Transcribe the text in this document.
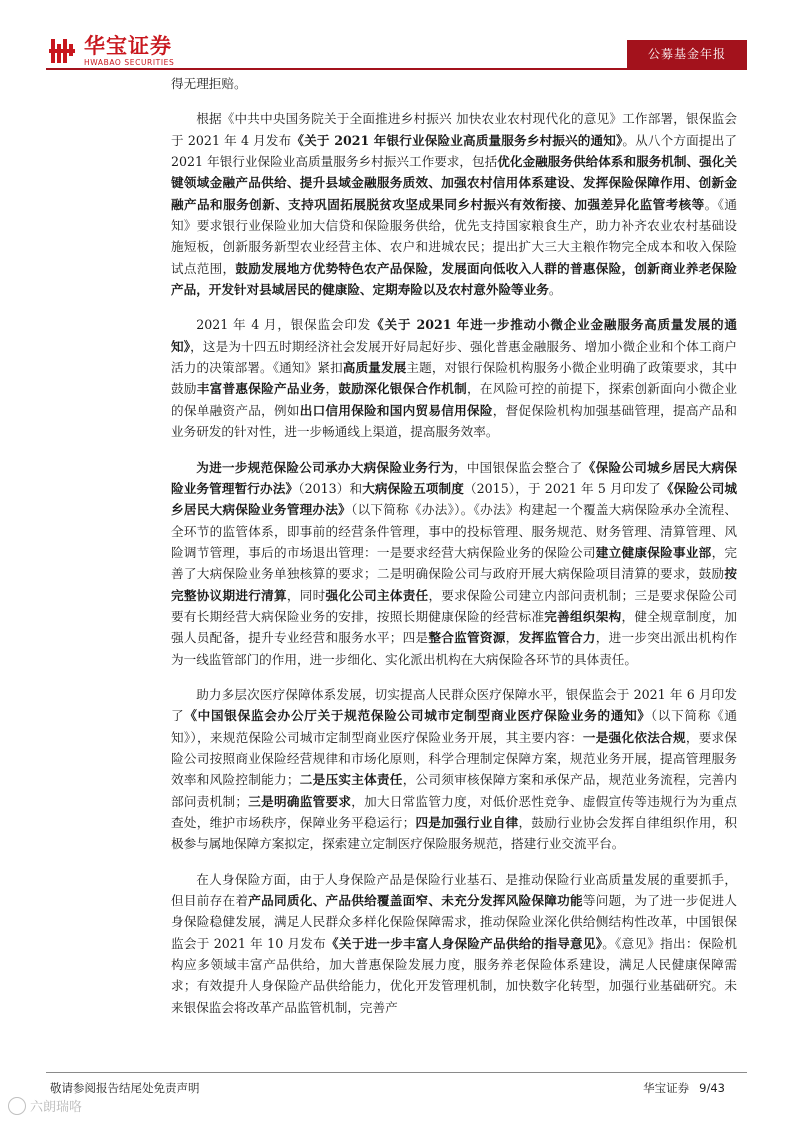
华宝证券
HWABAO SECURITIES
公募基金年报

得无理拒赔。

根据《中共中央国务院关于全面推进乡村振兴 加快农业农村现代化的意见》工作部署，银保监会于 2021 年 4 月发布《关于 2021 年银行业保险业高质量服务乡村振兴的通知》。从八个方面提出了 2021 年银行业保险业高质量服务乡村振兴工作要求，包括优化金融服务供给体系和服务机制、强化关键领域金融产品供给、提升县域金融服务质效、加强农村信用体系建设、发挥保险保障作用、创新金融产品和服务创新、支持巩固拓展脱贫攻坚成果同乡村振兴有效衔接、加强差异化监管考核等。《通知》要求银行业保险业加大信贷和保险服务供给，优先支持国家粮食生产，助力补齐农业农村基础设施短板，创新服务新型农业经营主体、农户和进城农民；提出扩大三大主粮作物完全成本和收入保险试点范围，鼓励发展地方优势特色农产品保险，发展面向低收入人群的普惠保险，创新商业养老保险产品，开发针对县域居民的健康险、定期寿险以及农村意外险等业务。

2021 年 4 月，银保监会印发《关于 2021 年进一步推动小微企业金融服务高质量发展的通知》，这是为十四五时期经济社会发展开好局起好步、强化普惠金融服务、增加小微企业和个体工商户活力的决策部署。《通知》紧扣高质量发展主题，对银行保险机构服务小微企业明确了政策要求，其中鼓励丰富普惠保险产品业务，鼓励深化银保合作机制，在风险可控的前提下，探索创新面向小微企业的保单融资产品，例如出口信用保险和国内贸易信用保险，督促保险机构加强基础管理，提高产品和业务研发的针对性，进一步畅通线上渠道，提高服务效率。

为进一步规范保险公司承办大病保险业务行为，中国银保监会整合了《保险公司城乡居民大病保险业务管理暂行办法》（2013）和大病保险五项制度（2015），于 2021 年 5 月印发了《保险公司城乡居民大病保险业务管理办法》（以下简称《办法》）。《办法》构建起一个覆盖大病保险承办全流程、全环节的监管体系，即事前的经营条件管理，事中的投标管理、服务规范、财务管理、清算管理、风险调节管理，事后的市场退出管理：一是要求经营大病保险业务的保险公司建立健康保险事业部，完善了大病保险业务单独核算的要求；二是明确保险公司与政府开展大病保险项目清算的要求，鼓励按完整协议期进行清算，同时强化公司主体责任，要求保险公司建立内部问责机制；三是要求保险公司要有长期经营大病保险业务的安排，按照长期健康保险的经营标准完善组织架构，健全规章制度，加强人员配备，提升专业经营和服务水平；四是整合监管资源，发挥监管合力，进一步突出派出机构作为一线监管部门的作用，进一步细化、实化派出机构在大病保险各环节的具体责任。

助力多层次医疗保障体系发展，切实提高人民群众医疗保障水平，银保监会于 2021 年 6 月印发了《中国银保监会办公厅关于规范保险公司城市定制型商业医疗保险业务的通知》（以下简称《通知》），来规范保险公司城市定制型商业医疗保险业务开展，其主要内容：一是强化依法合规，要求保险公司按照商业保险经营规律和市场化原则，科学合理制定保障方案，规范业务开展，提高管理服务效率和风险控制能力；二是压实主体责任，公司须审核保障方案和承保产品，规范业务流程，完善内部问责机制；三是明确监管要求，加大日常监管力度，对低价恶性竞争、虚假宣传等违规行为为重点查处，维护市场秩序，保障业务平稳运行；四是加强行业自律，鼓励行业协会发挥自律组织作用，积极参与属地保障方案拟定，探索建立定制医疗保险服务规范，搭建行业交流平台。

在人身保险方面，由于人身保险产品是保险行业基石、是推动保险行业高质量发展的重要抓手，但目前存在着产品同质化、产品供给覆盖面窄、未充分发挥风险保障功能等问题，为了进一步促进人身保险稳健发展，满足人民群众多样化保险保障需求，推动保险业深化供给侧结构性改革，中国银保监会于 2021 年 10 月发布《关于进一步丰富人身保险产品供给的指导意见》。《意见》指出：保险机构应多领域丰富产品供给，加大普惠保险发展力度，服务养老保险体系建设，满足人民健康保障需求；有效提升人身保险产品供给能力，优化开发管理机制，加快数字化转型，加强行业基础研究。未来银保监会将改革产品监管机制，完善产

敬请参阅报告结尾处免责声明	华宝证券 9/43
六朗瑞咯
